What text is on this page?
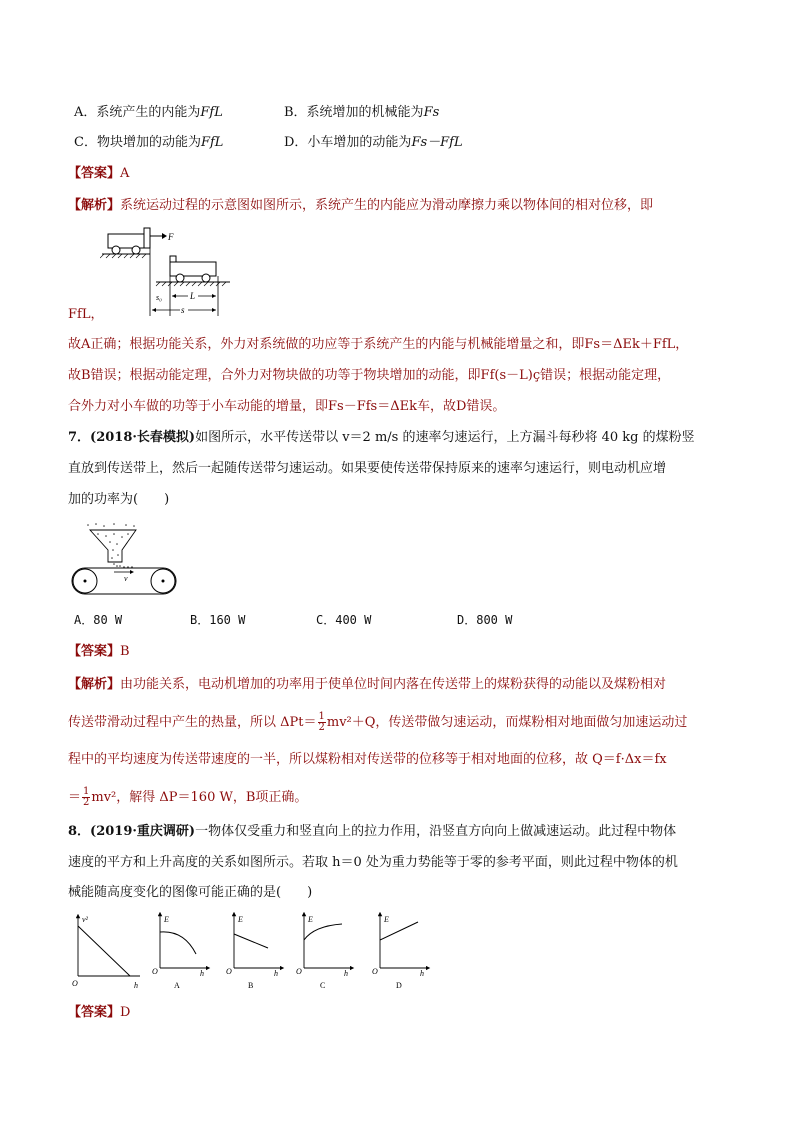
A．系统产生的内能为FfL	B．系统增加的机械能为Fs
C．物块增加的动能为FfL	D．小车增加的动能为Fs－FfL
【答案】A
【解析】系统运动过程的示意图如图所示，系统产生的内能应为滑动摩擦力乘以物体间的相对位移，即
F
s₀	L
s
FfL，
故A正确；根据功能关系，外力对系统做的功应等于系统产生的内能与机械能增量之和，即Fs＝ΔEk＋FfL，
故B错误；根据动能定理，合外力对物块做的功等于物块增加的动能，即Ff(s－L)ç错误；根据动能定理，
合外力对小车做的功等于小车动能的增量，即Fs－Ffs＝ΔEk车，故D错误。
7．(2018·长春模拟)如图所示，水平传送带以 v＝2 m/s 的速率匀速运行，上方漏斗每秒将 40 kg 的煤粉竖
直放到传送带上，然后一起随传送带匀速运动。如果要使传送带保持原来的速率匀速运行，则电动机应增
加的功率为(　　)
v
A．80 W	B．160 W	C．400 W	D．800 W
【答案】B
【解析】由功能关系，电动机增加的功率用于使单位时间内落在传送带上的煤粉获得的动能以及煤粉相对
传送带滑动过程中产生的热量，所以 $\Delta Pt= \frac{1}{2} mv^2+Q$，传送带做匀速运动，而煤粉相对地面做匀加速运动过
程中的平均速度为传送带速度的一半，所以煤粉相对传送带的位移等于相对地面的位移，故 Q＝f·Δx＝fx
＝ $\frac{1}{2} mv^2$，解得 ΔP＝160 W，B项正确。
8．(2019·重庆调研)一物体仅受重力和竖直向上的拉力作用，沿竖直方向向上做减速运动。此过程中物体
速度的平方和上升高度的关系如图所示。若取 h＝0 处为重力势能等于零的参考平面，则此过程中物体的机
械能随高度变化的图像可能正确的是(　　)
v²
O	h
E
O	h
A
E
O	h
B
E
O	h
C
E
O	h
D
【答案】D
